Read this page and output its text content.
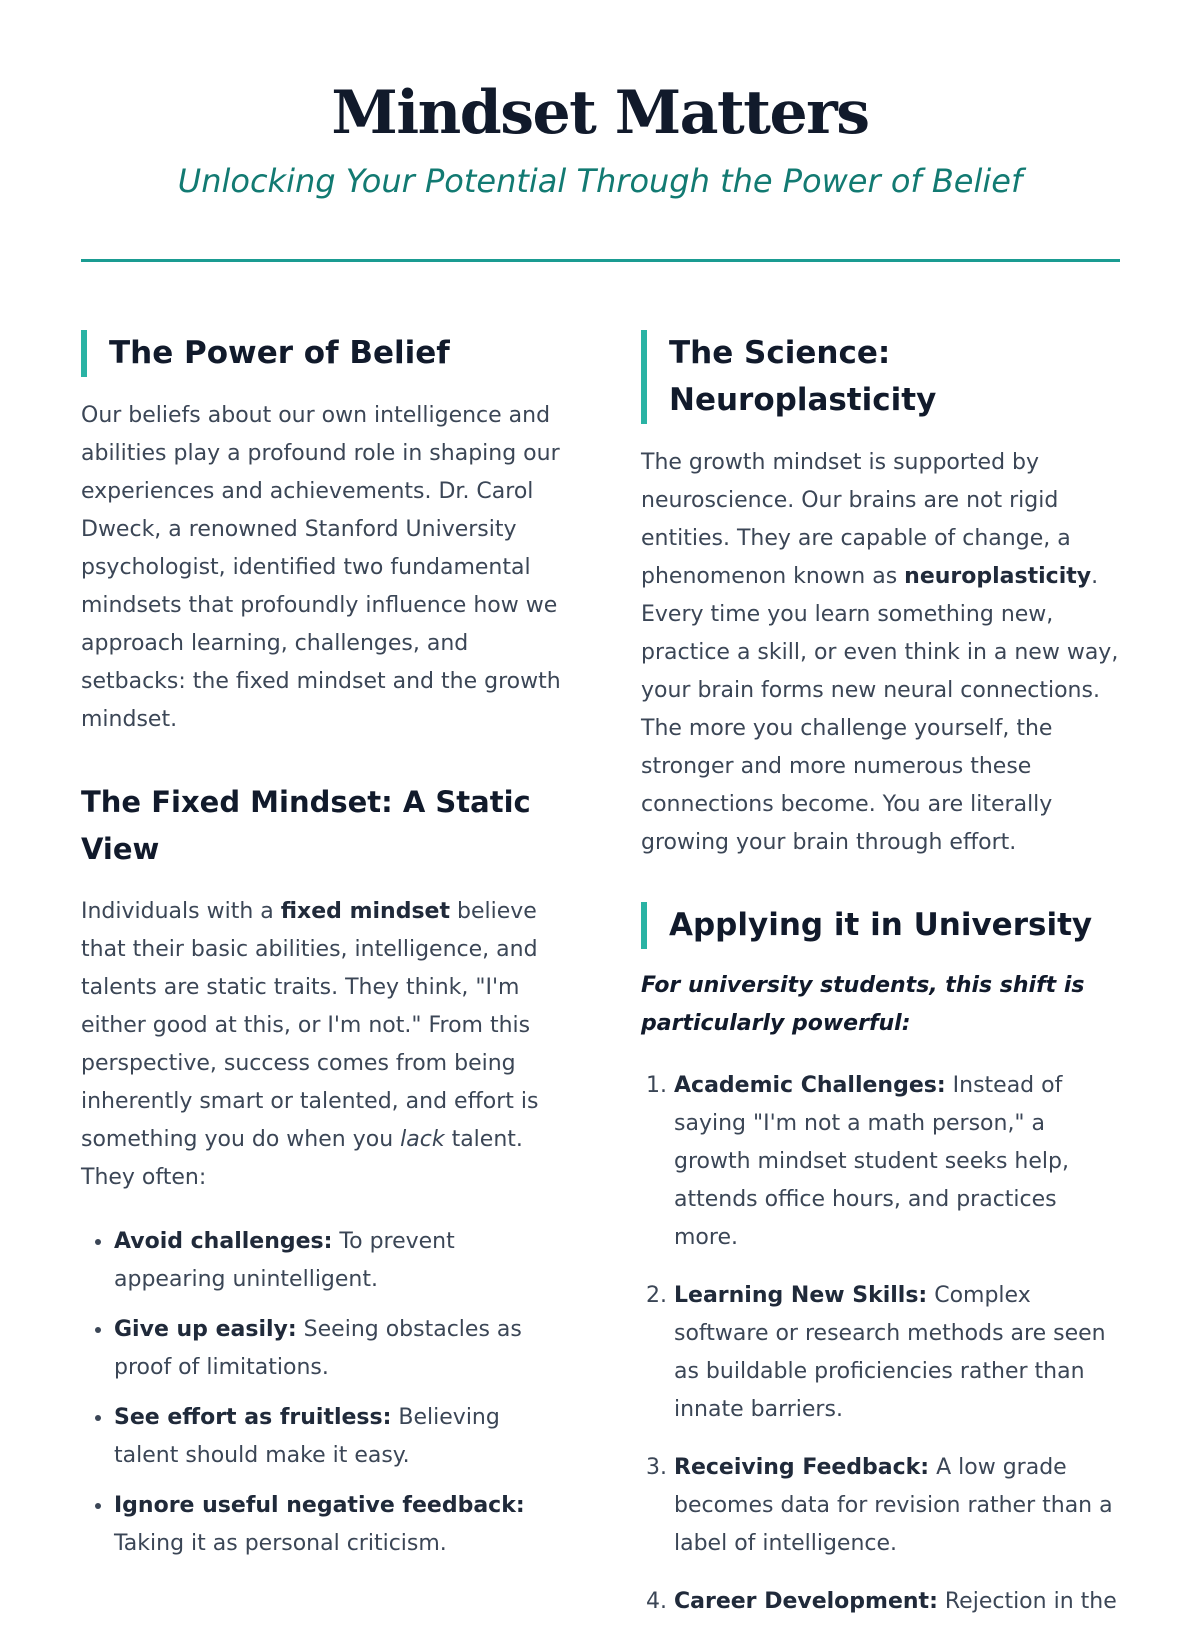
Mindset Matters
Unlocking Your Potential Through the Power of Belief
The Power of Belief

Our beliefs about our own intelligence and abilities play a profound role in shaping our experiences and achievements. Dr. Carol Dweck, a renowned Stanford University psychologist, identified two fundamental mindsets that profoundly influence how we approach learning, challenges, and setbacks: the fixed mindset and the growth mindset.

The Fixed Mindset: A Static View

Individuals with a fixed mindset believe that their basic abilities, intelligence, and talents are static traits. They think, "I'm either good at this, or I'm not." From this perspective, success comes from being inherently smart or talented, and effort is something you do when you lack talent. They often:

• Avoid challenges: To prevent appearing unintelligent.
• Give up easily: Seeing obstacles as proof of limitations.
• See effort as fruitless: Believing talent should make it easy.
• Ignore useful negative feedback: Taking it as personal criticism.
The Science: Neuroplasticity

The growth mindset is supported by neuroscience. Our brains are not rigid entities. They are capable of change, a phenomenon known as neuroplasticity. Every time you learn something new, practice a skill, or even think in a new way, your brain forms new neural connections. The more you challenge yourself, the stronger and more numerous these connections become. You are literally growing your brain through effort.

Applying it in University

For university students, this shift is particularly powerful:

1. Academic Challenges: Instead of saying "I'm not a math person," a growth mindset student seeks help, attends office hours, and practices more.
2. Learning New Skills: Complex software or research methods are seen as buildable proficiencies rather than innate barriers.
3. Receiving Feedback: A low grade becomes data for revision rather than a label of intelligence.
4. Career Development: Rejection in the
